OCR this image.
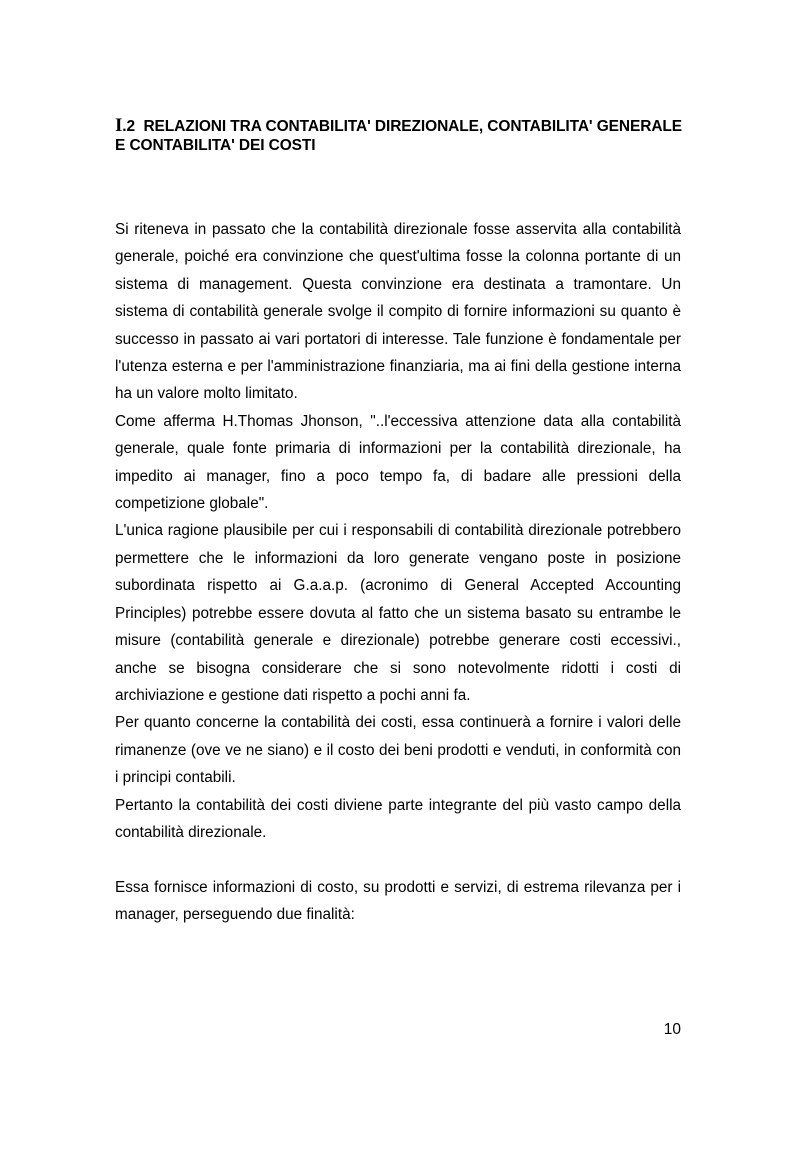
I.2 RELAZIONI TRA CONTABILITA' DIREZIONALE, CONTABILITA' GENERALE E CONTABILITA' DEI COSTI

Si riteneva in passato che la contabilità direzionale fosse asservita alla contabilità generale, poiché era convinzione che quest'ultima fosse la colonna portante di un sistema di management. Questa convinzione era destinata a tramontare. Un sistema di contabilità generale svolge il compito di fornire informazioni su quanto è successo in passato ai vari portatori di interesse. Tale funzione è fondamentale per l'utenza esterna e per l'amministrazione finanziaria, ma ai fini della gestione interna ha un valore molto limitato.

Come afferma H.Thomas Jhonson, "..l'eccessiva attenzione data alla contabilità generale, quale fonte primaria di informazioni per la contabilità direzionale, ha impedito ai manager, fino a poco tempo fa, di badare alle pressioni della competizione globale".

L'unica ragione plausibile per cui i responsabili di contabilità direzionale potrebbero permettere che le informazioni da loro generate vengano poste in posizione subordinata rispetto ai G.a.a.p. (acronimo di General Accepted Accounting Principles) potrebbe essere dovuta al fatto che un sistema basato su entrambe le misure (contabilità generale e direzionale) potrebbe generare costi eccessivi., anche se bisogna considerare che si sono notevolmente ridotti i costi di archiviazione e gestione dati rispetto a pochi anni fa.

Per quanto concerne la contabilità dei costi, essa continuerà a fornire i valori delle rimanenze (ove ve ne siano) e il costo dei beni prodotti e venduti, in conformità con i principi contabili.

Pertanto la contabilità dei costi diviene parte integrante del più vasto campo della contabilità direzionale.

Essa fornisce informazioni di costo, su prodotti e servizi, di estrema rilevanza per i manager, perseguendo due finalità:

10
